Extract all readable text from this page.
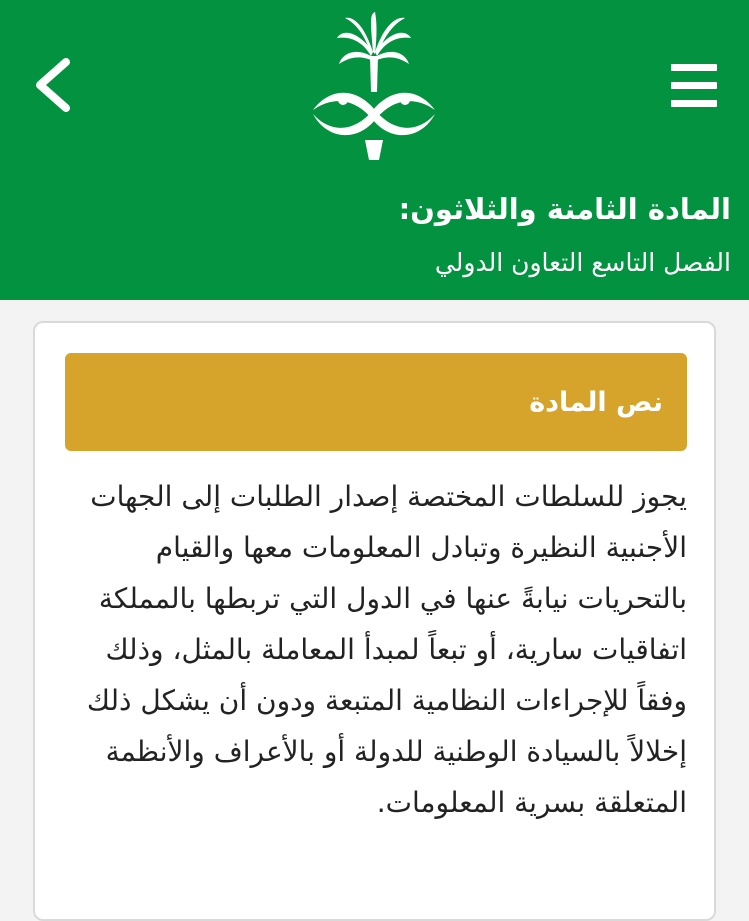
المادة الثامنة والثلاثون:
الفصل التاسع التعاون الدولي
نص المادة

يجوز للسلطات المختصة إصدار الطلبات إلى الجهات الأجنبية النظيرة وتبادل المعلومات معها والقيام بالتحريات نيابةً عنها في الدول التي تربطها بالمملكة اتفاقيات سارية، أو تبعاً لمبدأ المعاملة بالمثل، وذلك وفقاً للإجراءات النظامية المتبعة ودون أن يشكل ذلك إخلالاً بالسيادة الوطنية للدولة أو بالأعراف والأنظمة المتعلقة بسرية المعلومات.
